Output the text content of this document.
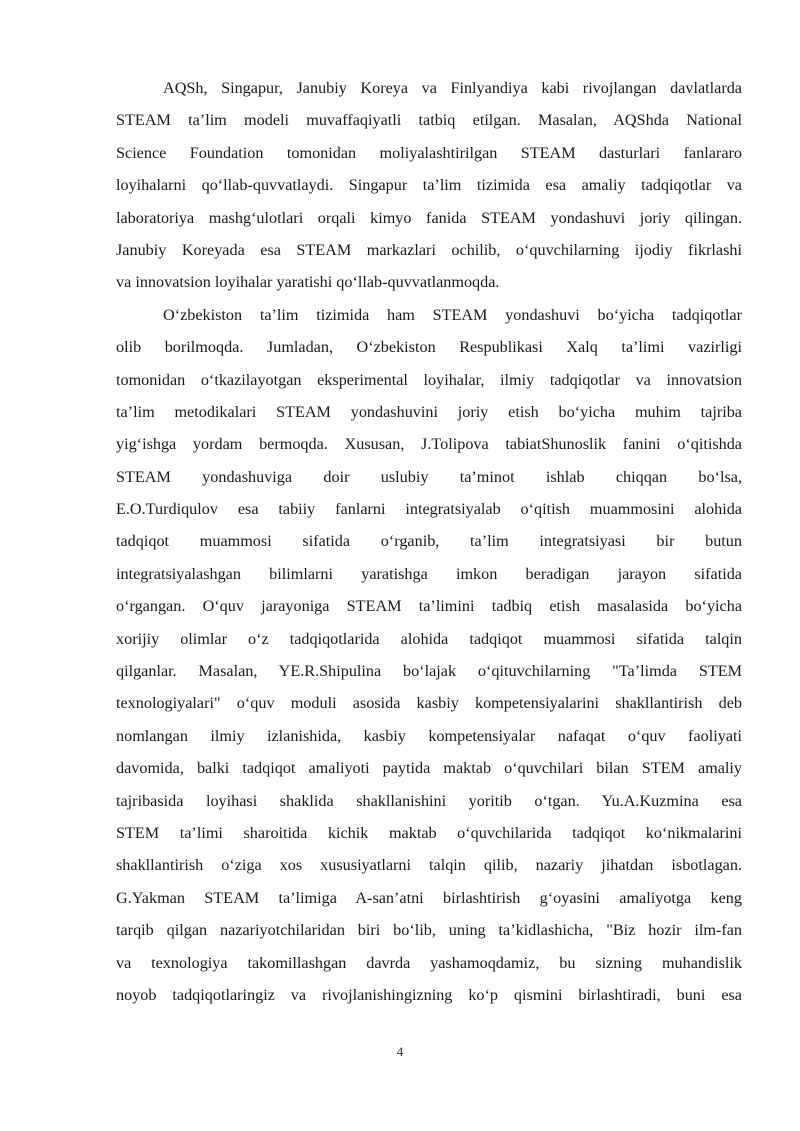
AQSh, Singapur, Janubiy Koreya va Finlyandiya kabi rivojlangan davlatlarda
STEAM ta’lim modeli muvaffaqiyatli tatbiq etilgan. Masalan, AQShda National
Science Foundation tomonidan moliyalashtirilgan STEAM dasturlari fanlararo
loyihalarni qo‘llab-quvvatlaydi. Singapur ta’lim tizimida esa amaliy tadqiqotlar va
laboratoriya mashg‘ulotlari orqali kimyo fanida STEAM yondashuvi joriy qilingan.
Janubiy Koreyada esa STEAM markazlari ochilib, o‘quvchilarning ijodiy fikrlashi
va innovatsion loyihalar yaratishi qo‘llab-quvvatlanmoqda.
O‘zbekiston ta’lim tizimida ham STEAM yondashuvi bo‘yicha tadqiqotlar
olib borilmoqda. Jumladan, O‘zbekiston Respublikasi Xalq ta’limi vazirligi
tomonidan o‘tkazilayotgan eksperimental loyihalar, ilmiy tadqiqotlar va innovatsion
ta’lim metodikalari STEAM yondashuvini joriy etish bo‘yicha muhim tajriba
yig‘ishga yordam bermoqda. Xususan, J.Tolipova tabiatShunoslik fanini o‘qitishda
STEAM yondashuviga doir uslubiy ta’minot ishlab chiqqan bo‘lsa,
E.O.Turdiqulov esa tabiiy fanlarni integratsiyalab o‘qitish muammosini alohida
tadqiqot muammosi sifatida o‘rganib, ta’lim integratsiyasi bir butun
integratsiyalashgan bilimlarni yaratishga imkon beradigan jarayon sifatida
o‘rgangan. O‘quv jarayoniga STEAM ta’limini tadbiq etish masalasida bo‘yicha
xorijiy olimlar o‘z tadqiqotlarida alohida tadqiqot muammosi sifatida talqin
qilganlar. Masalan, YE.R.Shipulina bo‘lajak o‘qituvchilarning "Ta’limda STEM
texnologiyalari" o‘quv moduli asosida kasbiy kompetensiyalarini shakllantirish deb
nomlangan ilmiy izlanishida, kasbiy kompetensiyalar nafaqat o‘quv faoliyati
davomida, balki tadqiqot amaliyoti paytida maktab o‘quvchilari bilan STEM amaliy
tajribasida loyihasi shaklida shakllanishini yoritib o‘tgan. Yu.A.Kuzmina esa
STEM ta’limi sharoitida kichik maktab o‘quvchilarida tadqiqot ko‘nikmalarini
shakllantirish o‘ziga xos xususiyatlarni talqin qilib, nazariy jihatdan isbotlagan.
G.Yakman STEAM ta’limiga A-san’atni birlashtirish g‘oyasini amaliyotga keng
tarqib qilgan nazariyotchilaridan biri bo‘lib, uning ta’kidlashicha, "Biz hozir ilm-fan
va texnologiya takomillashgan davrda yashamoqdamiz, bu sizning muhandislik
noyob tadqiqotlaringiz va rivojlanishingizning ko‘p qismini birlashtiradi, buni esa
4
